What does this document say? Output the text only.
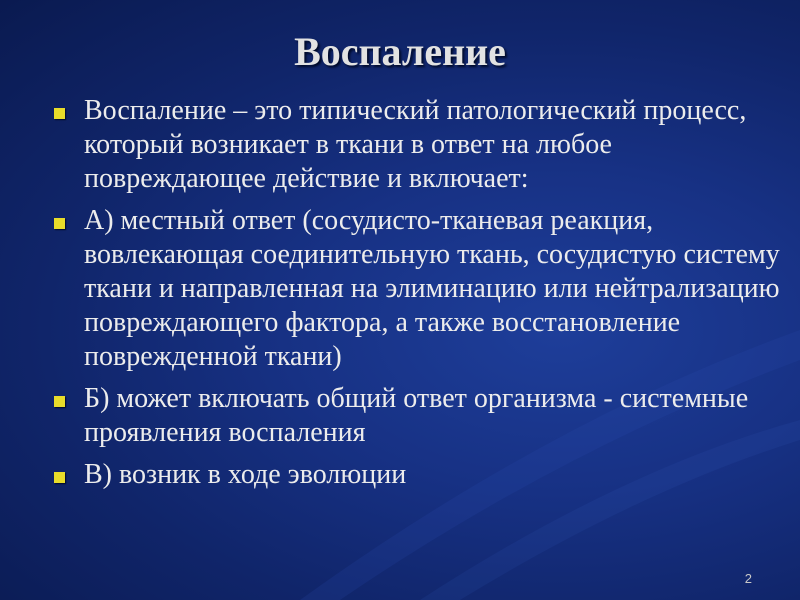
Воспаление
Воспаление – это типический патологический процесс, который возникает в ткани в ответ на любое повреждающее действие и включает:
А) местный ответ (сосудисто-тканевая реакция, вовлекающая соединительную ткань, сосудистую систему ткани и направленная на элиминацию или нейтрализацию повреждающего фактора, а также восстановление поврежденной ткани)
Б) может включать общий ответ организма - системные проявления воспаления
В) возник в ходе эволюции
2
